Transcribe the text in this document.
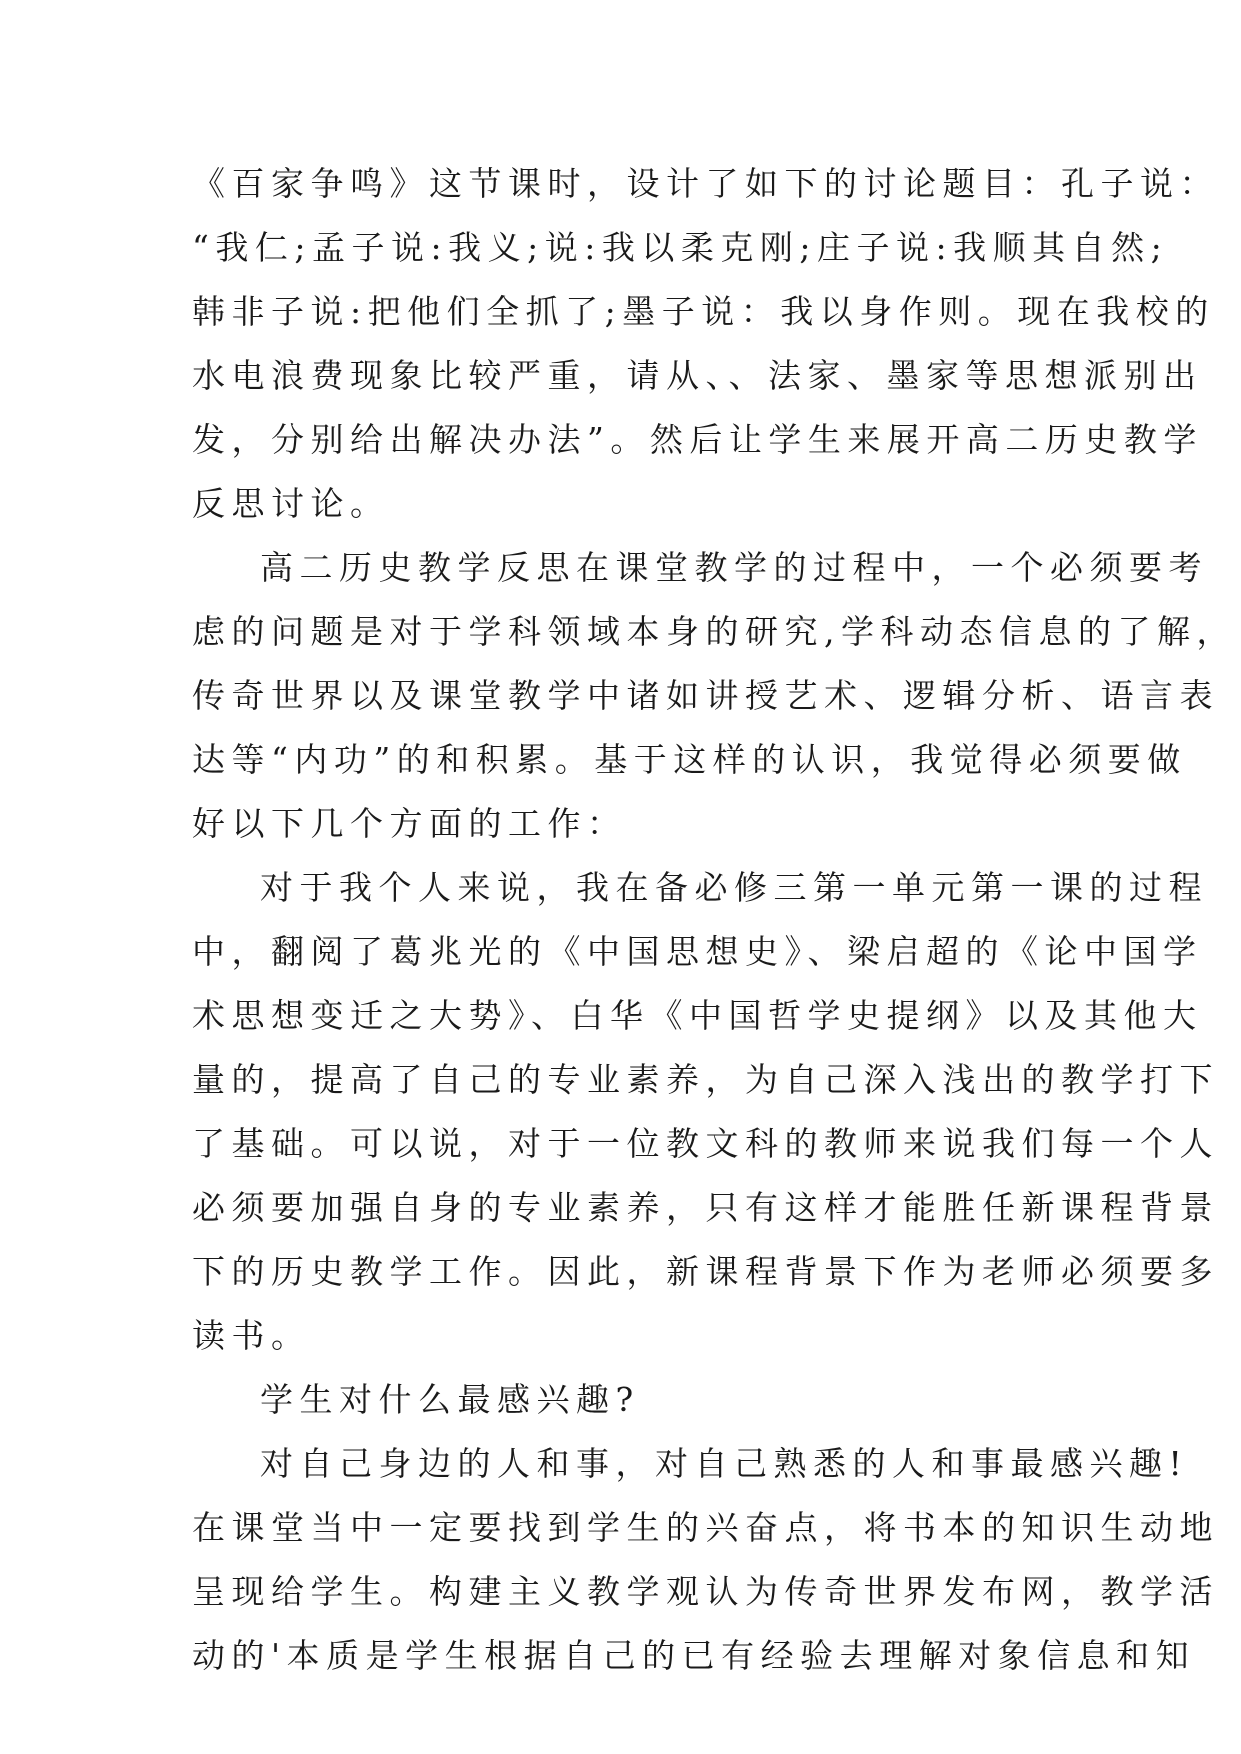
《百家争鸣》这节课时，设计了如下的讨论题目：孔子说：
“我仁;孟子说:我义;说:我以柔克刚;庄子说:我顺其自然;
韩非子说:把他们全抓了;墨子说：我以身作则。现在我校的
水电浪费现象比较严重，请从、、法家、墨家等思想派别出
发，分别给出解决办法”。然后让学生来展开高二历史教学
反思讨论。
高二历史教学反思在课堂教学的过程中，一个必须要考
虑的问题是对于学科领域本身的研究,学科动态信息的了解，
传奇世界以及课堂教学中诸如讲授艺术、逻辑分析、语言表
达等“内功”的和积累。基于这样的认识，我觉得必须要做
好以下几个方面的工作：
对于我个人来说，我在备必修三第一单元第一课的过程
中，翻阅了葛兆光的《中国思想史》、梁启超的《论中国学
术思想变迁之大势》、白华《中国哲学史提纲》以及其他大
量的，提高了自己的专业素养，为自己深入浅出的教学打下
了基础。可以说，对于一位教文科的教师来说我们每一个人
必须要加强自身的专业素养，只有这样才能胜任新课程背景
下的历史教学工作。因此，新课程背景下作为老师必须要多
读书。
学生对什么最感兴趣?
对自己身边的人和事，对自己熟悉的人和事最感兴趣!
在课堂当中一定要找到学生的兴奋点，将书本的知识生动地
呈现给学生。构建主义教学观认为传奇世界发布网，教学活
动的'本质是学生根据自己的已有经验去理解对象信息和知
